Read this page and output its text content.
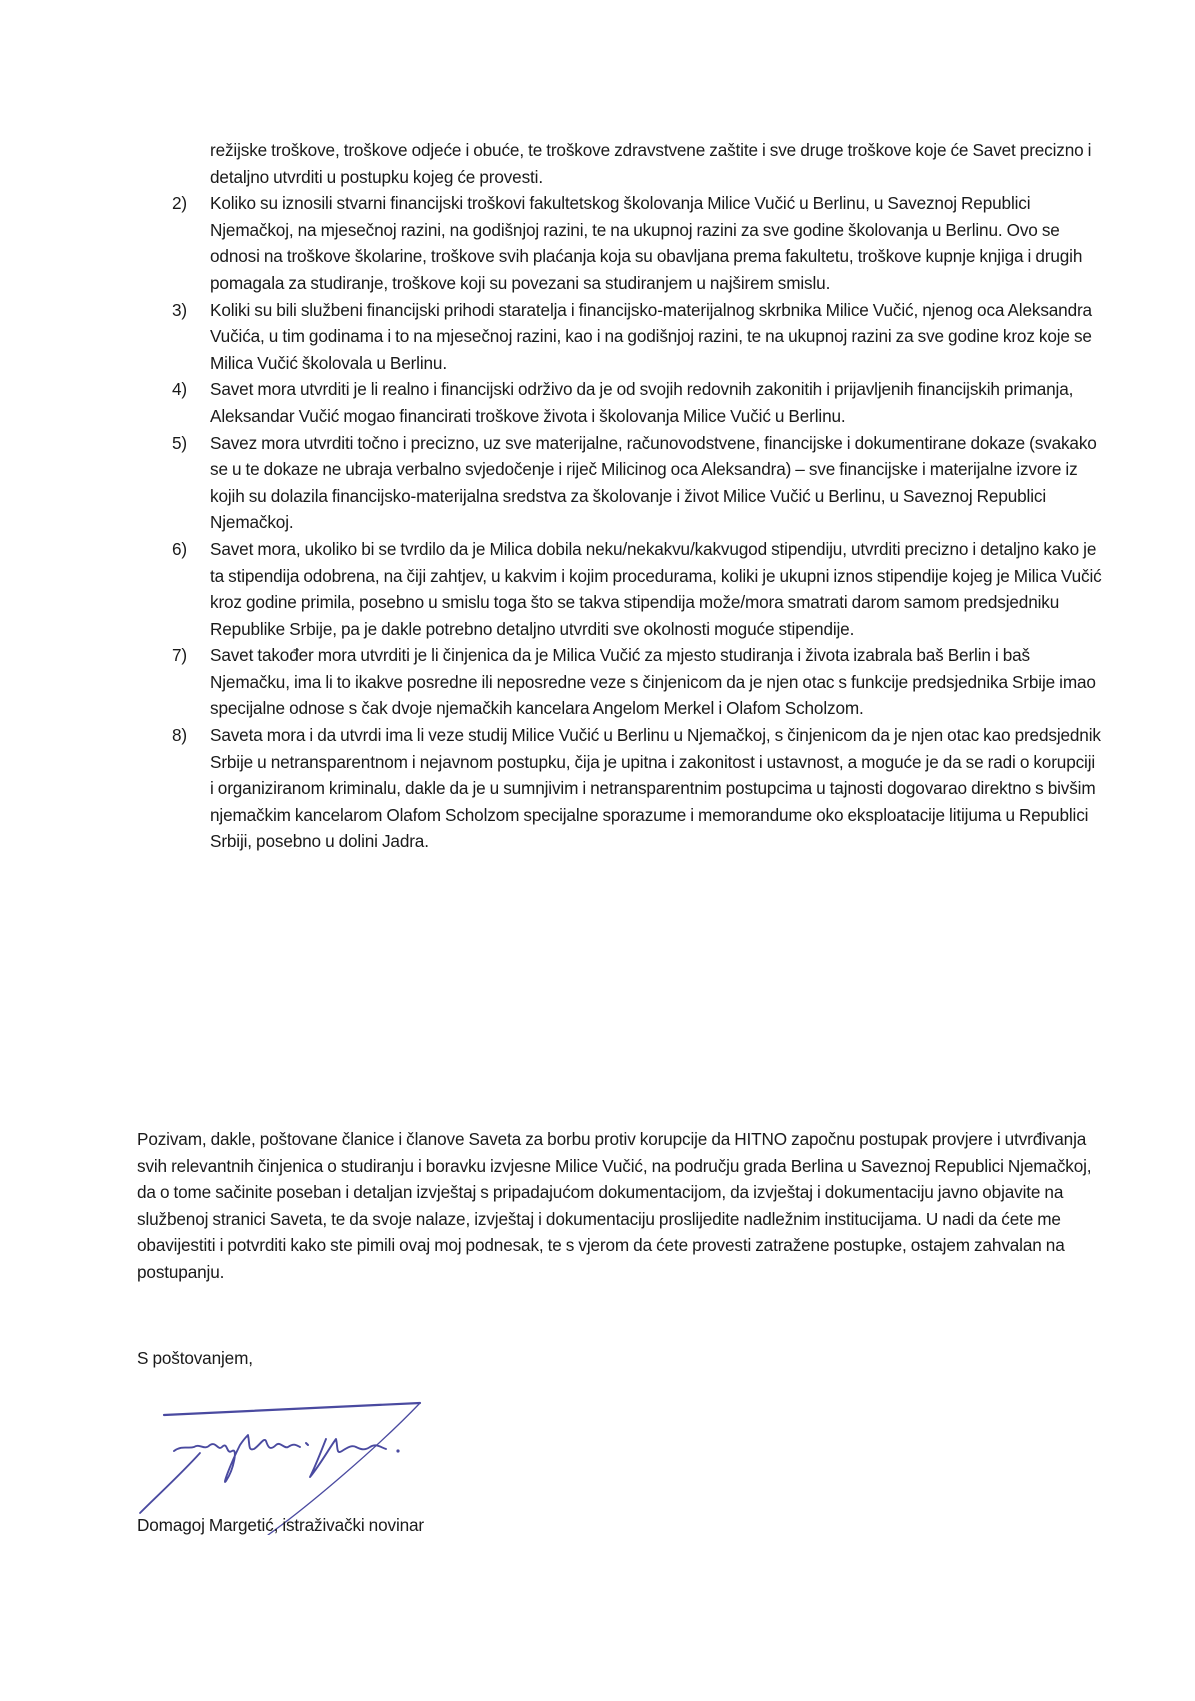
režijske troškove, troškove odjeće i obuće, te troškove zdravstvene zaštite i sve druge troškove koje će Savet precizno i detaljno utvrditi u postupku kojeg će provesti.

2)	Koliko su iznosili stvarni financijski troškovi fakultetskog školovanja Milice Vučić u Berlinu, u Saveznoj Republici Njemačkoj, na mjesečnoj razini, na godišnjoj razini, te na ukupnoj razini za sve godine školovanja u Berlinu. Ovo se odnosi na troškove školarine, troškove svih plaćanja koja su obavljana prema fakultetu, troškove kupnje knjiga i drugih pomagala za studiranje, troškove koji su povezani sa studiranjem u najširem smislu.
3)	Koliki su bili službeni financijski prihodi staratelja i financijsko-materijalnog skrbnika Milice Vučić, njenog oca Aleksandra Vučića, u tim godinama i to na mjesečnoj razini, kao i na godišnjoj razini, te na ukupnoj razini za sve godine kroz koje se Milica Vučić školovala u Berlinu.
4)	Savet mora utvrditi je li realno i financijski održivo da je od svojih redovnih zakonitih i prijavljenih financijskih primanja, Aleksandar Vučić mogao financirati troškove života i školovanja Milice Vučić u Berlinu.
5)	Savez mora utvrditi točno i precizno, uz sve materijalne, računovodstvene, financijske i dokumentirane dokaze (svakako se u te dokaze ne ubraja verbalno svjedočenje i riječ Milicinog oca Aleksandra) – sve financijske i materijalne izvore iz kojih su dolazila financijsko-materijalna sredstva za školovanje i život Milice Vučić u Berlinu, u Saveznoj Republici Njemačkoj.
6)	Savet mora, ukoliko bi se tvrdilo da je Milica dobila neku/nekakvu/kakvugod stipendiju, utvrditi precizno i detaljno kako je ta stipendija odobrena, na čiji zahtjev, u kakvim i kojim procedurama, koliki je ukupni iznos stipendije kojeg je Milica Vučić kroz godine primila, posebno u smislu toga što se takva stipendija može/mora smatrati darom samom predsjedniku Republike Srbije, pa je dakle potrebno detaljno utvrditi sve okolnosti moguće stipendije.
7)	Savet također mora utvrditi je li činjenica da je Milica Vučić za mjesto studiranja i života izabrala baš Berlin i baš Njemačku, ima li to ikakve posredne ili neposredne veze s činjenicom da je njen otac s funkcije predsjednika Srbije imao specijalne odnose s čak dvoje njemačkih kancelara Angelom Merkel i Olafom Scholzom.
8)	Saveta mora i da utvrdi ima li veze studij Milice Vučić u Berlinu u Njemačkoj, s činjenicom da je njen otac kao predsjednik Srbije u netransparentnom i nejavnom postupku, čija je upitna i zakonitost i ustavnost, a moguće je da se radi o korupciji i organiziranom kriminalu, dakle da je u sumnjivim i netransparentnim postupcima u tajnosti dogovarao direktno s bivšim njemačkim kancelarom Olafom Scholzom specijalne sporazume i memorandume oko eksploatacije litijuma u Republici Srbiji, posebno u dolini Jadra.

Pozivam, dakle, poštovane članice i članove Saveta za borbu protiv korupcije da HITNO započnu postupak provjere i utvrđivanja svih relevantnih činjenica o studiranju i boravku izvjesne Milice Vučić, na području grada Berlina u Saveznoj Republici Njemačkoj, da o tome sačinite poseban i detaljan izvještaj s pripadajućom dokumentacijom, da izvještaj i dokumentaciju javno objavite na službenoj stranici Saveta, te da svoje nalaze, izvještaj i dokumentaciju proslijedite nadležnim institucijama. U nadi da ćete me obavijestiti i potvrditi kako ste pimili ovaj moj podnesak, te s vjerom da ćete provesti zatražene postupke, ostajem zahvalan na postupanju.

S poštovanjem,

Domagoj Margetić, istraživački novinar
